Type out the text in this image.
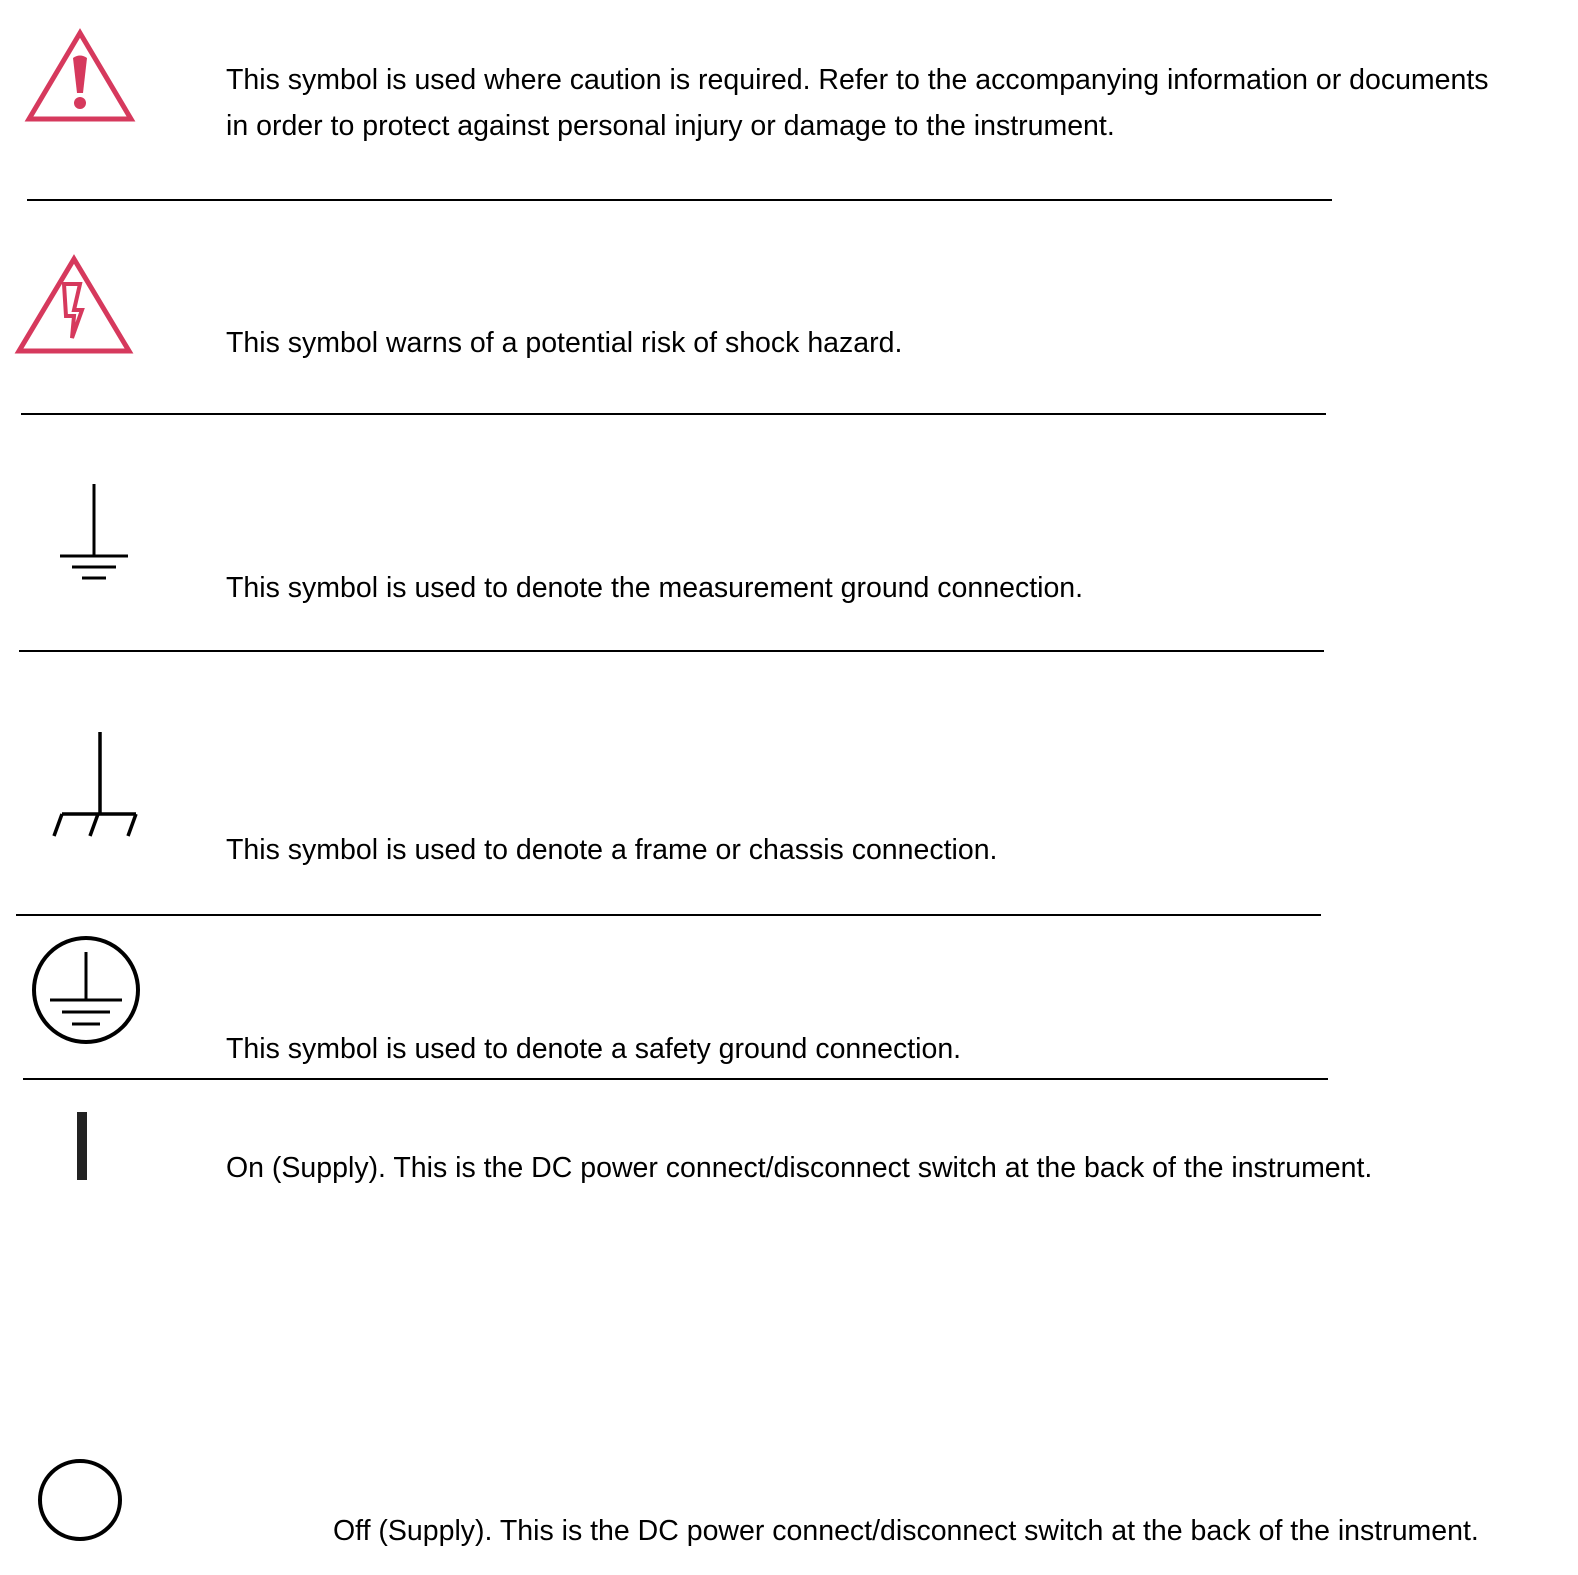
This symbol is used where caution is required. Refer to the accompanying information or documents
in order to protect against personal injury or damage to the instrument.

This symbol warns of a potential risk of shock hazard.

This symbol is used to denote the measurement ground connection.

This symbol is used to denote a frame or chassis connection.

This symbol is used to denote a safety ground connection.

On (Supply). This is the DC power connect/disconnect switch at the back of the instrument.

Off (Supply). This is the DC power connect/disconnect switch at the back of the instrument.
